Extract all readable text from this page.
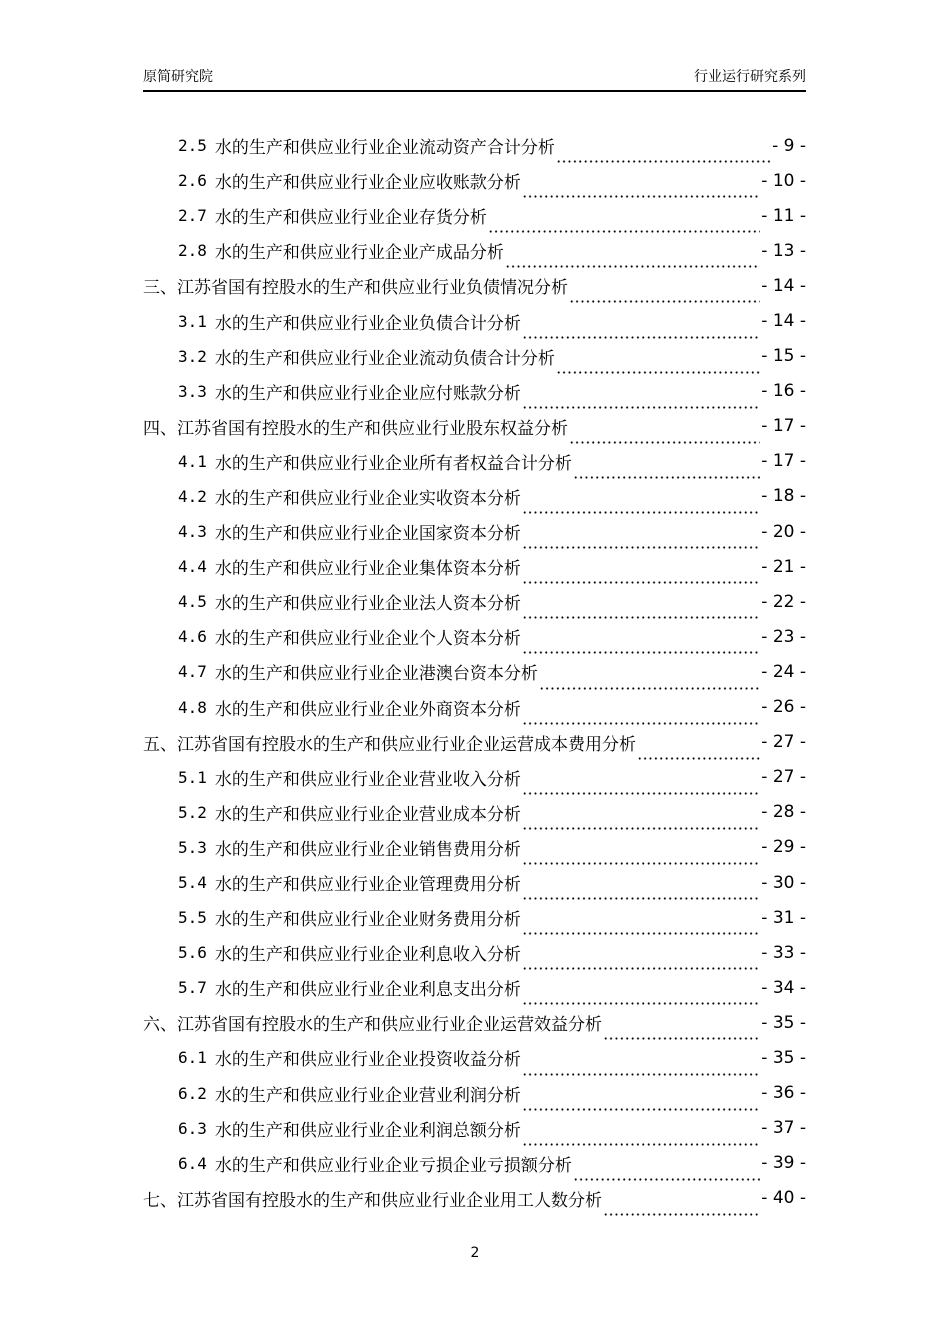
原简研究院	行业运行研究系列
2.5 水的生产和供应业行业企业流动资产合计分析	- 9 -
2.6 水的生产和供应业行业企业应收账款分析	- 10 -
2.7 水的生产和供应业行业企业存货分析	- 11 -
2.8 水的生产和供应业行业企业产成品分析	- 13 -
三、江苏省国有控股水的生产和供应业行业负债情况分析	- 14 -
3.1 水的生产和供应业行业企业负债合计分析	- 14 -
3.2 水的生产和供应业行业企业流动负债合计分析	- 15 -
3.3 水的生产和供应业行业企业应付账款分析	- 16 -
四、江苏省国有控股水的生产和供应业行业股东权益分析	- 17 -
4.1 水的生产和供应业行业企业所有者权益合计分析	- 17 -
4.2 水的生产和供应业行业企业实收资本分析	- 18 -
4.3 水的生产和供应业行业企业国家资本分析	- 20 -
4.4 水的生产和供应业行业企业集体资本分析	- 21 -
4.5 水的生产和供应业行业企业法人资本分析	- 22 -
4.6 水的生产和供应业行业企业个人资本分析	- 23 -
4.7 水的生产和供应业行业企业港澳台资本分析	- 24 -
4.8 水的生产和供应业行业企业外商资本分析	- 26 -
五、江苏省国有控股水的生产和供应业行业企业运营成本费用分析	- 27 -
5.1 水的生产和供应业行业企业营业收入分析	- 27 -
5.2 水的生产和供应业行业企业营业成本分析	- 28 -
5.3 水的生产和供应业行业企业销售费用分析	- 29 -
5.4 水的生产和供应业行业企业管理费用分析	- 30 -
5.5 水的生产和供应业行业企业财务费用分析	- 31 -
5.6 水的生产和供应业行业企业利息收入分析	- 33 -
5.7 水的生产和供应业行业企业利息支出分析	- 34 -
六、江苏省国有控股水的生产和供应业行业企业运营效益分析	- 35 -
6.1 水的生产和供应业行业企业投资收益分析	- 35 -
6.2 水的生产和供应业行业企业营业利润分析	- 36 -
6.3 水的生产和供应业行业企业利润总额分析	- 37 -
6.4 水的生产和供应业行业企业亏损企业亏损额分析	- 39 -
七、江苏省国有控股水的生产和供应业行业企业用工人数分析	- 40 -
2
